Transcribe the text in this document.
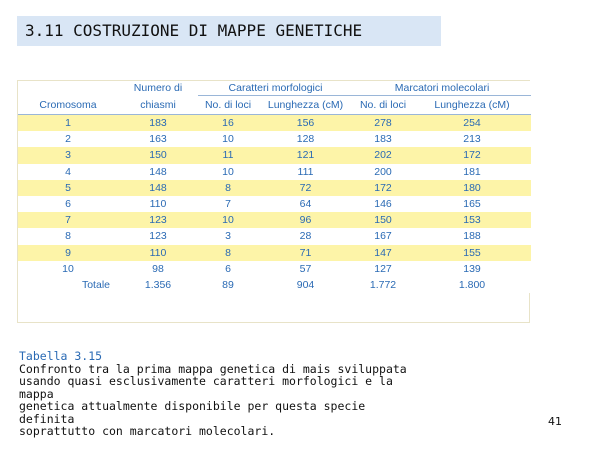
3.11 COSTRUZIONE DI MAPPE GENETICHE
	Numero di	Caratteri morfologici		Marcatori molecolari	
Cromosoma	chiasmi	No. di loci	Lunghezza (cM)	No. di loci	Lunghezza (cM)
1	183	16	156	278	254
2	163	10	128	183	213
3	150	11	121	202	172
4	148	10	111	200	181
5	148	8	72	172	180
6	110	7	64	146	165
7	123	10	96	150	153
8	123	3	28	167	188
9	110	8	71	147	155
10	98	6	57	127	139
Totale	1.356	89	904	1.772	1.800
Tabella 3.15
Confronto tra la prima mappa genetica di mais sviluppata
usando quasi esclusivamente caratteri morfologici e la mappa
genetica attualmente disponibile per questa specie definita
soprattutto con marcatori molecolari.
41
